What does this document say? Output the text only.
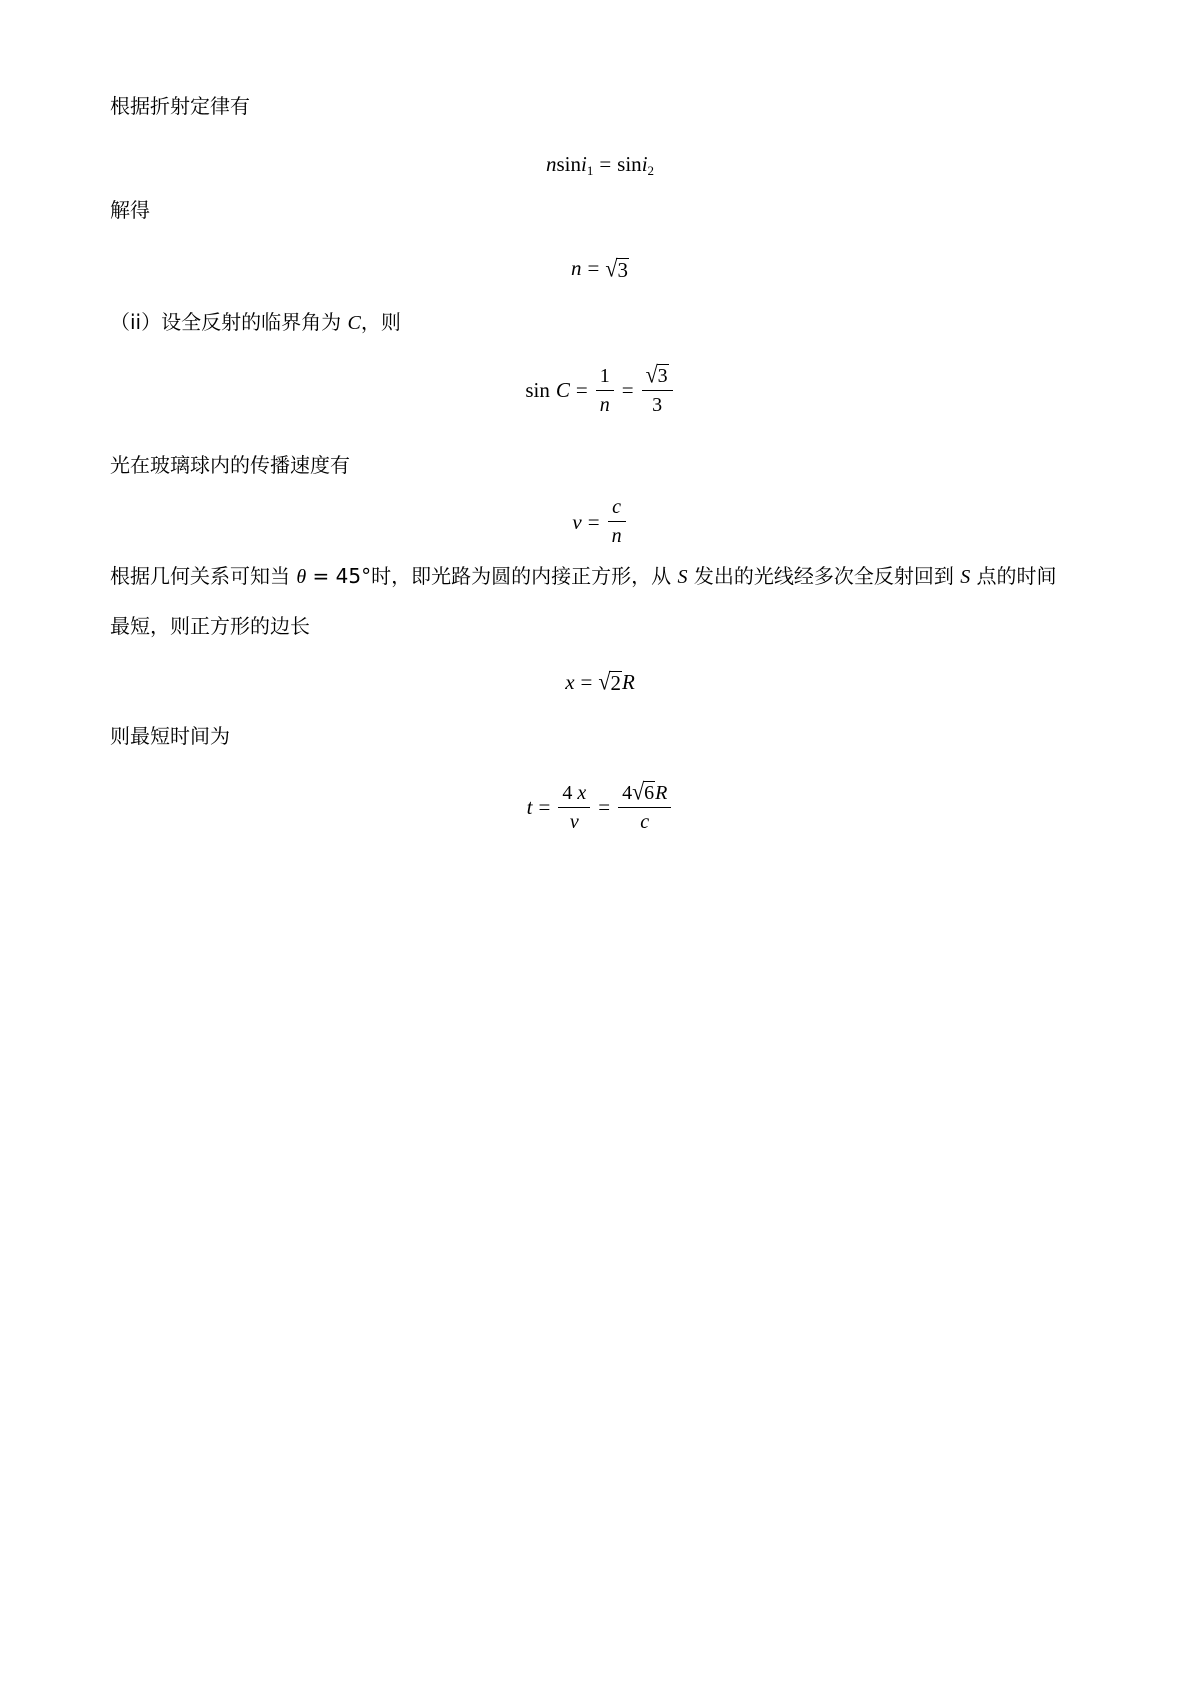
根据折射定律有
nsini$_1$ = sini$_2$
解得
n = √ 3
（ii）设全反射的临界角为 C，则
$\sin C = \frac{1}{n} = \frac{√ 3}{3}$
光在玻璃球内的传播速度有
$v = \frac{c}{n}$
根据几何关系可知当 θ = 45°时，即光路为圆的内接正方形，从 S 发出的光线经多次全反射回到 S 点的时间
最短，则正方形的边长
x = √ 2 R
则最短时间为
$t = \frac{4 x}{v} = \frac{4 √ 6 R}{c}$
